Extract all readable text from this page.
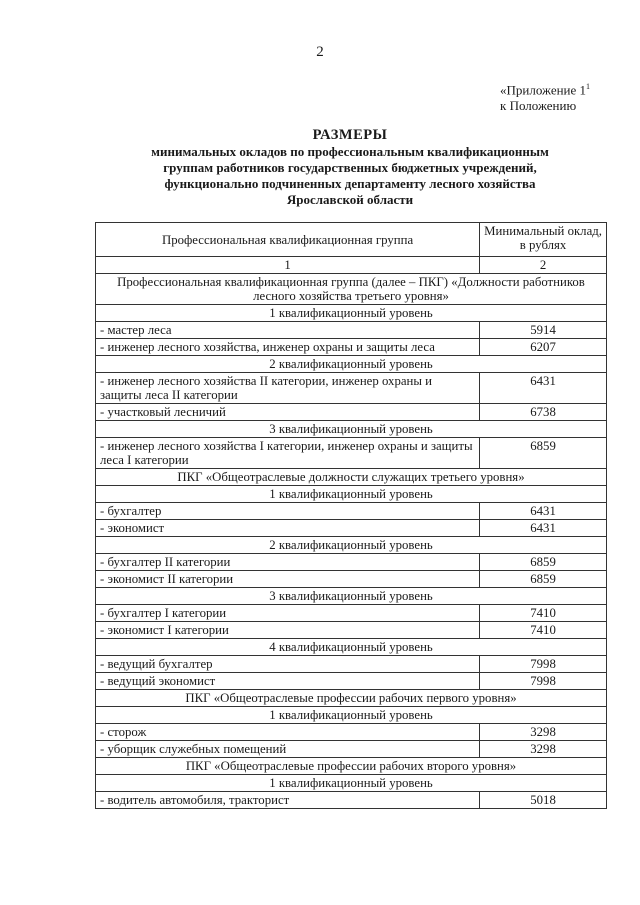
2
«Приложение $1^1$
к Положению
РАЗМЕРЫ
минимальных окладов по профессиональным квалификационным
группам работников государственных бюджетных учреждений,
функционально подчиненных департаменту лесного хозяйства
Ярославской области
Профессиональная квалификационная группа	Минимальный оклад, в рублях
1	2
Профессиональная квалификационная группа (далее – ПКГ) «Должности работников лесного хозяйства третьего уровня»	
1 квалификационный уровень	
- мастер леса	5914
- инженер лесного хозяйства, инженер охраны и защиты леса	6207
2 квалификационный уровень	
- инженер лесного хозяйства II категории, инженер охраны и защиты леса II категории	6431
- участковый лесничий	6738
3 квалификационный уровень	
- инженер лесного хозяйства I категории, инженер охраны и защиты леса I категории	6859
ПКГ «Общеотраслевые должности служащих третьего уровня»	
1 квалификационный уровень	
- бухгалтер	6431
- экономист	6431
2 квалификационный уровень	
- бухгалтер II категории	6859
- экономист II категории	6859
3 квалификационный уровень	
- бухгалтер I категории	7410
- экономист I категории	7410
4 квалификационный уровень	
- ведущий бухгалтер	7998
- ведущий экономист	7998
ПКГ «Общеотраслевые профессии рабочих первого уровня»	
1 квалификационный уровень	
- сторож	3298
- уборщик служебных помещений	3298
ПКГ «Общеотраслевые профессии рабочих второго уровня»	
1 квалификационный уровень	
- водитель автомобиля, тракторист	5018
